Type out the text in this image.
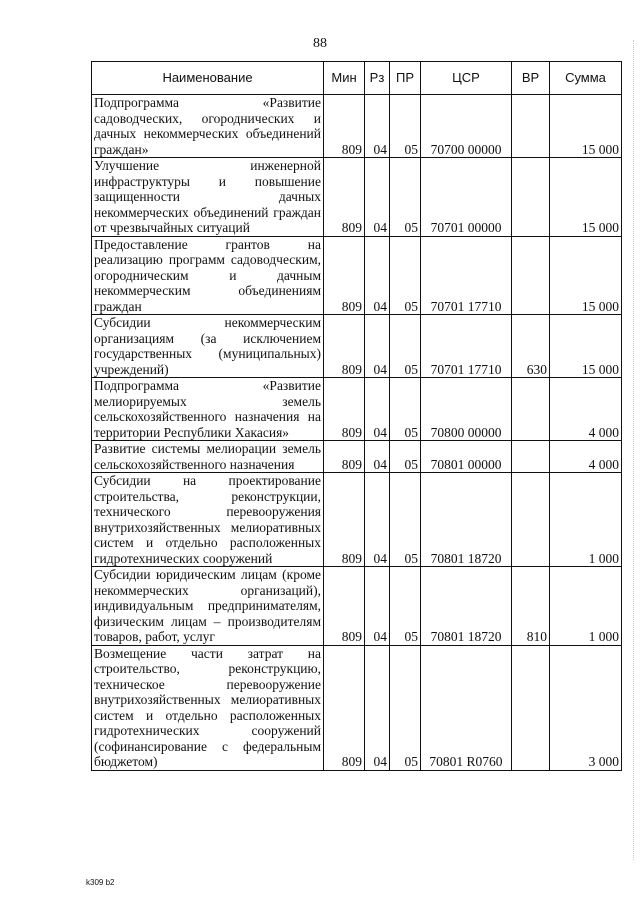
88
Наименование	Мин	Рз	ПР	ЦСР	ВР	Сумма
Подпрограмма «Развитие садоводческих, огороднических и дачных некоммерческих объединений граждан»	809	04	05	70700 00000		15 000
Улучшение инженерной инфраструктуры и повышение защищенности дачных некоммерческих объединений граждан от чрезвычайных ситуаций	809	04	05	70701 00000		15 000
Предоставление грантов на реализацию программ садоводческим, огородническим и дачным некоммерческим объединениям граждан	809	04	05	70701 17710		15 000
Субсидии некоммерческим организациям (за исключением государственных (муниципальных) учреждений)	809	04	05	70701 17710	630	15 000
Подпрограмма «Развитие мелиорируемых земель сельскохозяйственного назначения на территории Республики Хакасия»	809	04	05	70800 00000		4 000
Развитие системы мелиорации земель сельскохозяйственного назначения	809	04	05	70801 00000		4 000
Субсидии на проектирование строительства, реконструкции, технического перевооружения внутрихозяйственных мелиоративных систем и отдельно расположенных гидротехнических сооружений	809	04	05	70801 18720		1 000
Субсидии юридическим лицам (кроме некоммерческих организаций), индивидуальным предпринимателям, физическим лицам – производителям товаров, работ, услуг	809	04	05	70801 18720	810	1 000
Возмещение части затрат на строительство, реконструкцию, техническое перевооружение внутрихозяйственных мелиоративных систем и отдельно расположенных гидротехнических сооружений (софинансирование с федеральным бюджетом)	809	04	05	70801 R0760		3 000
k309 b2
